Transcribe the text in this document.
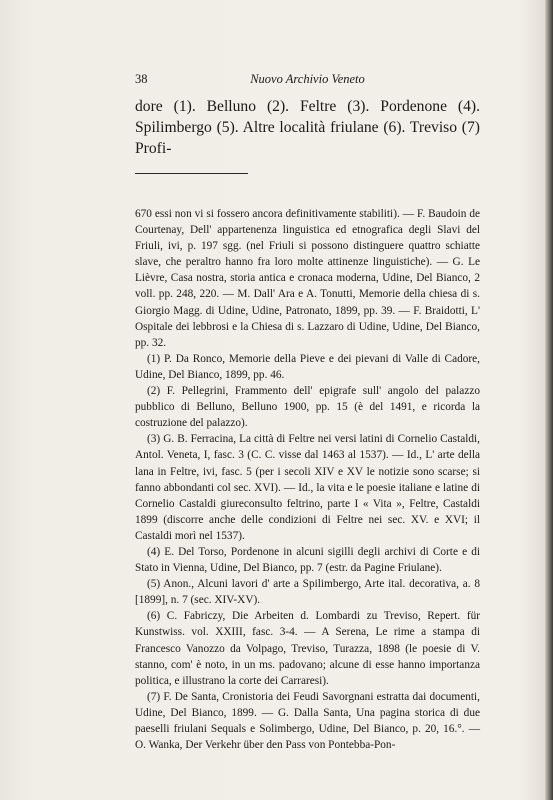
38	Nuovo Archivio Veneto

dore (1). Belluno (2). Feltre (3). Pordenone (4). Spilimbergo (5). Altre località friulane (6). Treviso (7) Profi-

670 essi non vi si fossero ancora definitivamente stabiliti). — F. Baudoin de Courtenay, Dell' appartenenza linguistica ed etnografica degli Slavi del Friuli, ivi, p. 197 sgg. (nel Friuli si possono distinguere quattro schiatte slave, che peraltro hanno fra loro molte attinenze linguistiche). — G. Le Lièvre, Casa nostra, storia antica e cronaca moderna, Udine, Del Bianco, 2 voll. pp. 248, 220. — M. Dall' Ara e A. Tonutti, Memorie della chiesa di s. Giorgio Magg. di Udine, Udine, Patronato, 1899, pp. 39. — F. Braidotti, L' Ospitale dei lebbrosi e la Chiesa di s. Lazzaro di Udine, Udine, Del Bianco, pp. 32.

(1) P. Da Ronco, Memorie della Pieve e dei pievani di Valle di Cadore, Udine, Del Bianco, 1899, pp. 46.

(2) F. Pellegrini, Frammento dell' epigrafe sull' angolo del palazzo pubblico di Belluno, Belluno 1900, pp. 15 (è del 1491, e ricorda la costruzione del palazzo).

(3) G. B. Ferracina, La città di Feltre nei versi latini di Cornelio Castaldi, Antol. Veneta, I, fasc. 3 (C. C. visse dal 1463 al 1537). — Id., L' arte della lana in Feltre, ivi, fasc. 5 (per i secoli XIV e XV le notizie sono scarse; si fanno abbondanti col sec. XVI). — Id., la vita e le poesie italiane e latine di Cornelio Castaldi giureconsulto feltrino, parte I « Vita », Feltre, Castaldi 1899 (discorre anche delle condizioni di Feltre nei sec. XV. e XVI; il Castaldi morì nel 1537).

(4) E. Del Torso, Pordenone in alcuni sigilli degli archivi di Corte e di Stato in Vienna, Udine, Del Bianco, pp. 7 (estr. da Pagine Friulane).

(5) Anon., Alcuni lavori d' arte a Spilimbergo, Arte ital. decorativa, a. 8 [1899], n. 7 (sec. XIV-XV).

(6) C. Fabriczy, Die Arbeiten d. Lombardi zu Treviso, Repert. für Kunstwiss. vol. XXIII, fasc. 3-4. — A Serena, Le rime a stampa di Francesco Vanozzo da Volpago, Treviso, Turazza, 1898 (le poesie di V. stanno, com' è noto, in un ms. padovano; alcune di esse hanno importanza politica, e illustrano la corte dei Carraresi).

(7) F. De Santa, Cronistoria dei Feudi Savorgnani estratta dai documenti, Udine, Del Bianco, 1899. — G. Dalla Santa, Una pagina storica di due paeselli friulani Sequals e Solimbergo, Udine, Del Bianco, p. 20, 16.°. — O. Wanka, Der Verkehr über den Pass von Pontebba-Pon-
